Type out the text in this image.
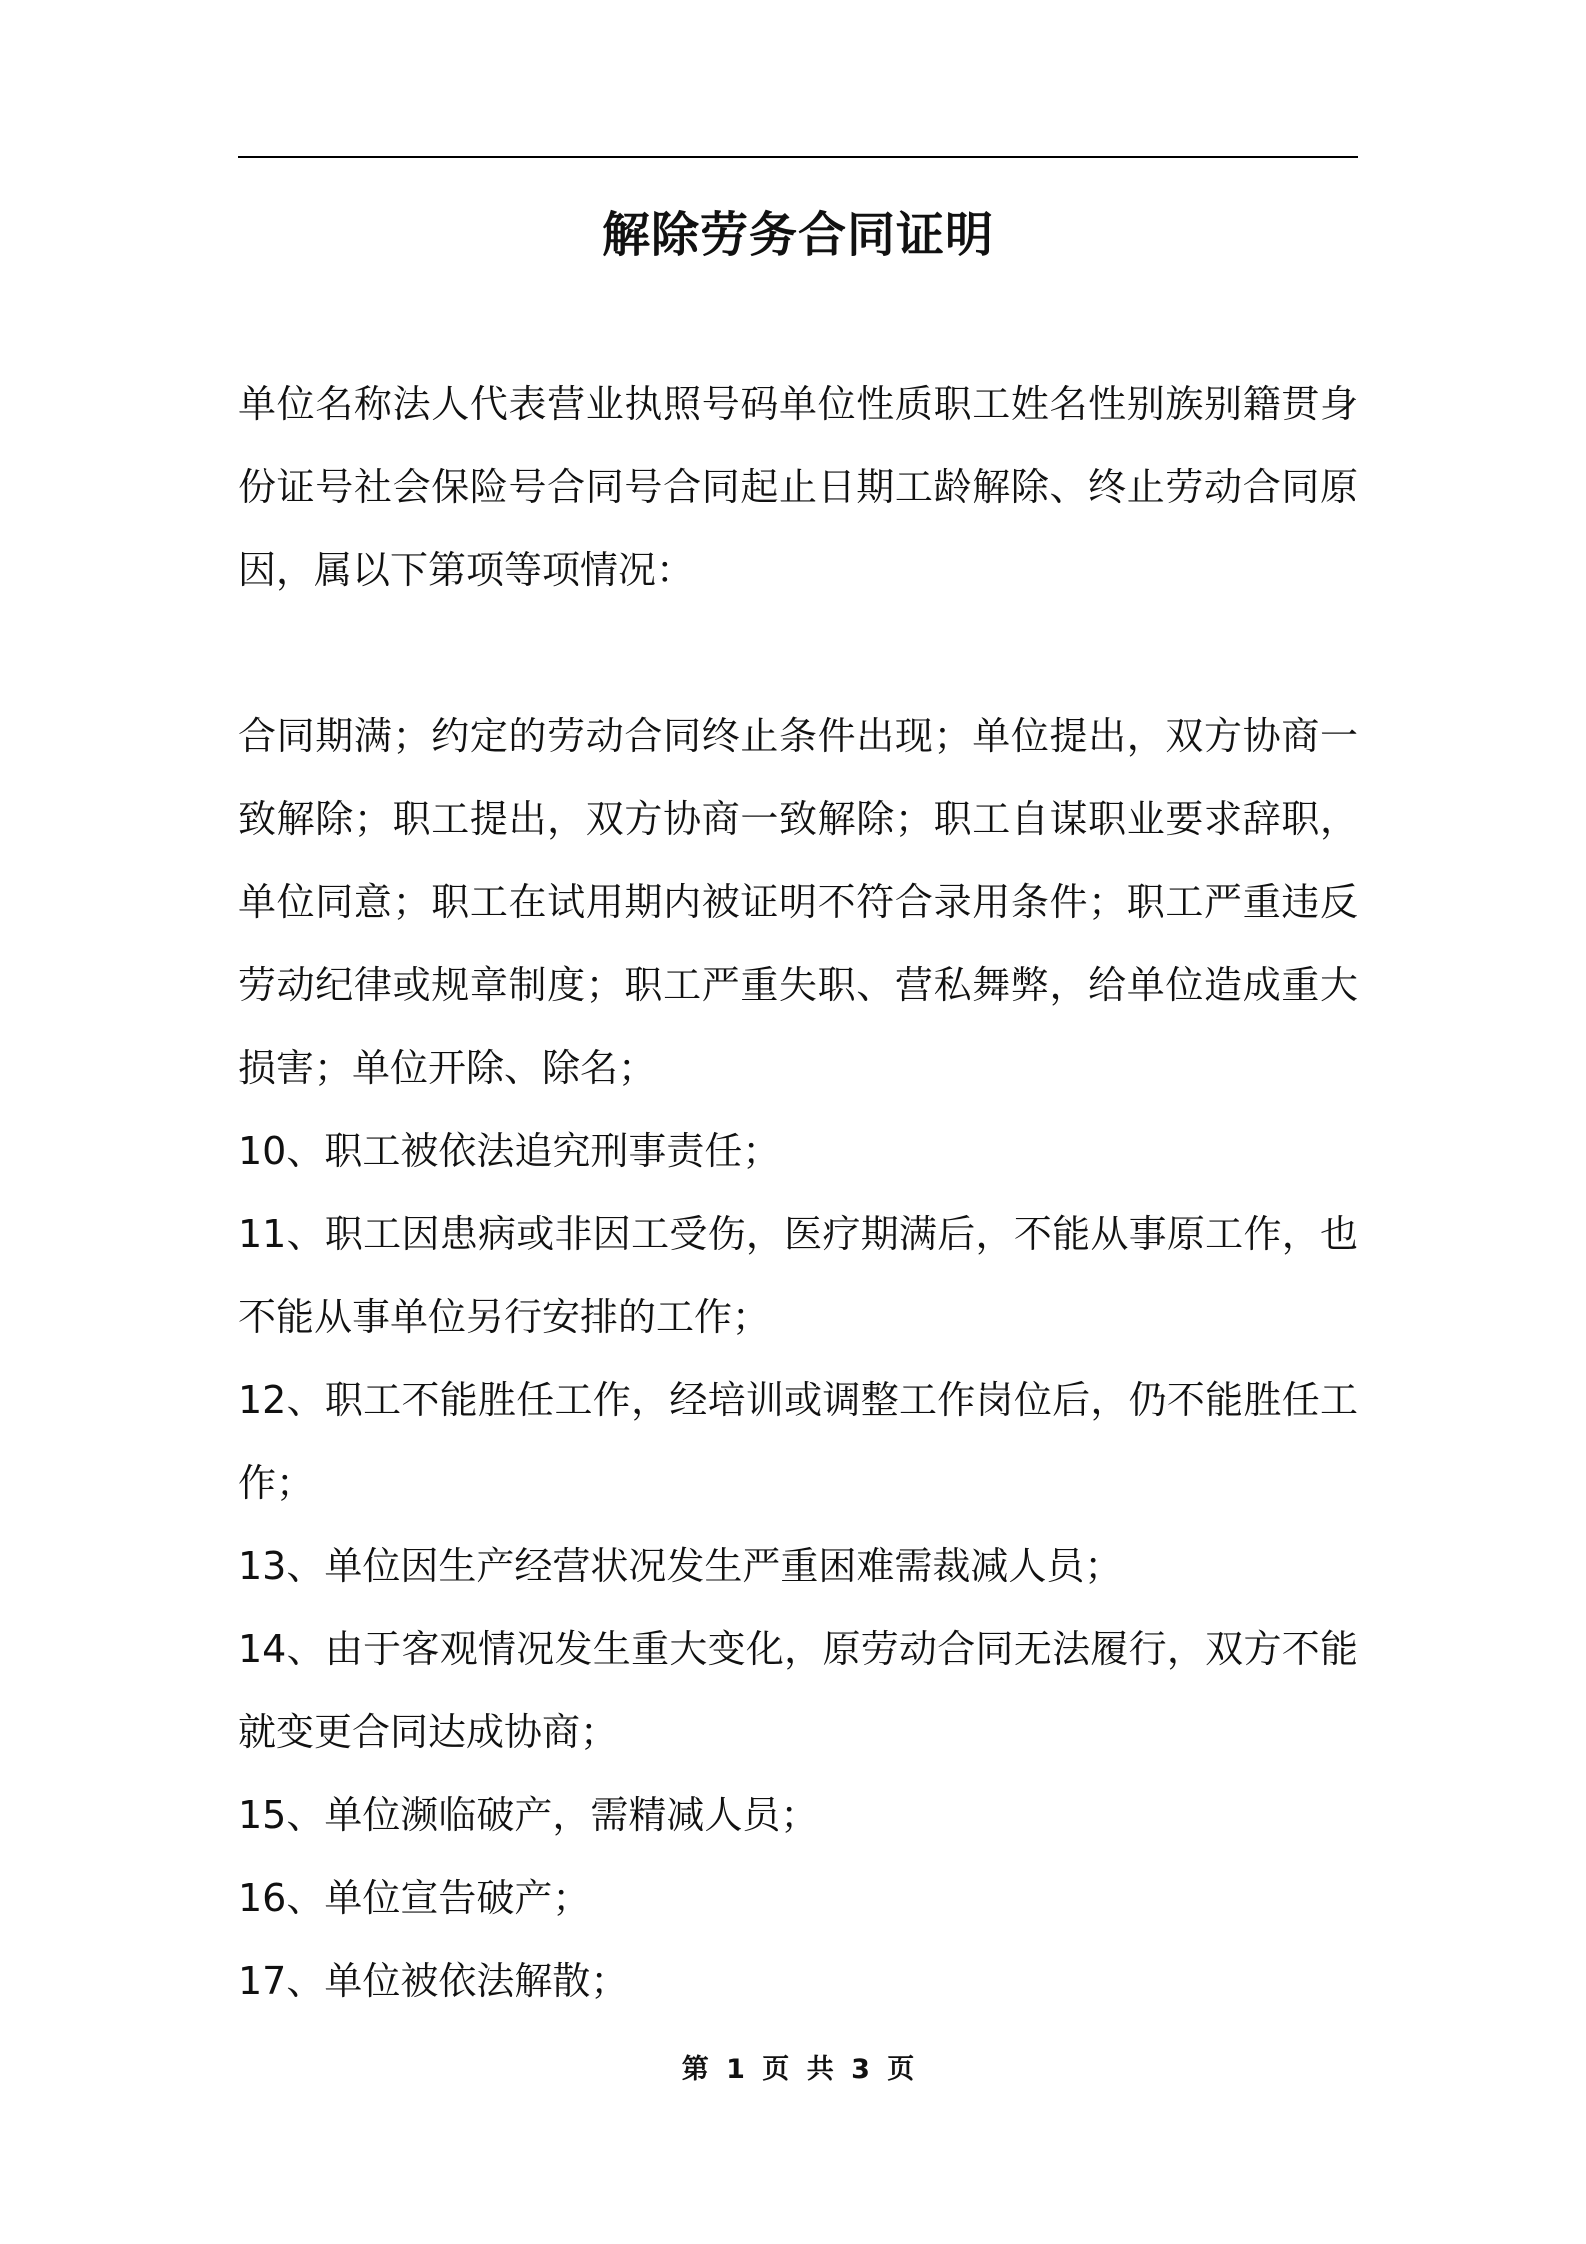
解除劳务合同证明

单位名称法人代表营业执照号码单位性质职工姓名性别族别籍贯身份证号社会保险号合同号合同起止日期工龄解除、终止劳动合同原因，属以下第项等项情况：

合同期满；约定的劳动合同终止条件出现；单位提出，双方协商一致解除；职工提出，双方协商一致解除；职工自谋职业要求辞职，单位同意；职工在试用期内被证明不符合录用条件；职工严重违反劳动纪律或规章制度；职工严重失职、营私舞弊，给单位造成重大损害；单位开除、除名；

10、职工被依法追究刑事责任；
11、职工因患病或非因工受伤，医疗期满后，不能从事原工作，也不能从事单位另行安排的工作；
12、职工不能胜任工作，经培训或调整工作岗位后，仍不能胜任工作；
13、单位因生产经营状况发生严重困难需裁减人员；
14、由于客观情况发生重大变化，原劳动合同无法履行，双方不能就变更合同达成协商；
15、单位濒临破产，需精减人员；
16、单位宣告破产；
17、单位被依法解散；
第 1 页 共 3 页
